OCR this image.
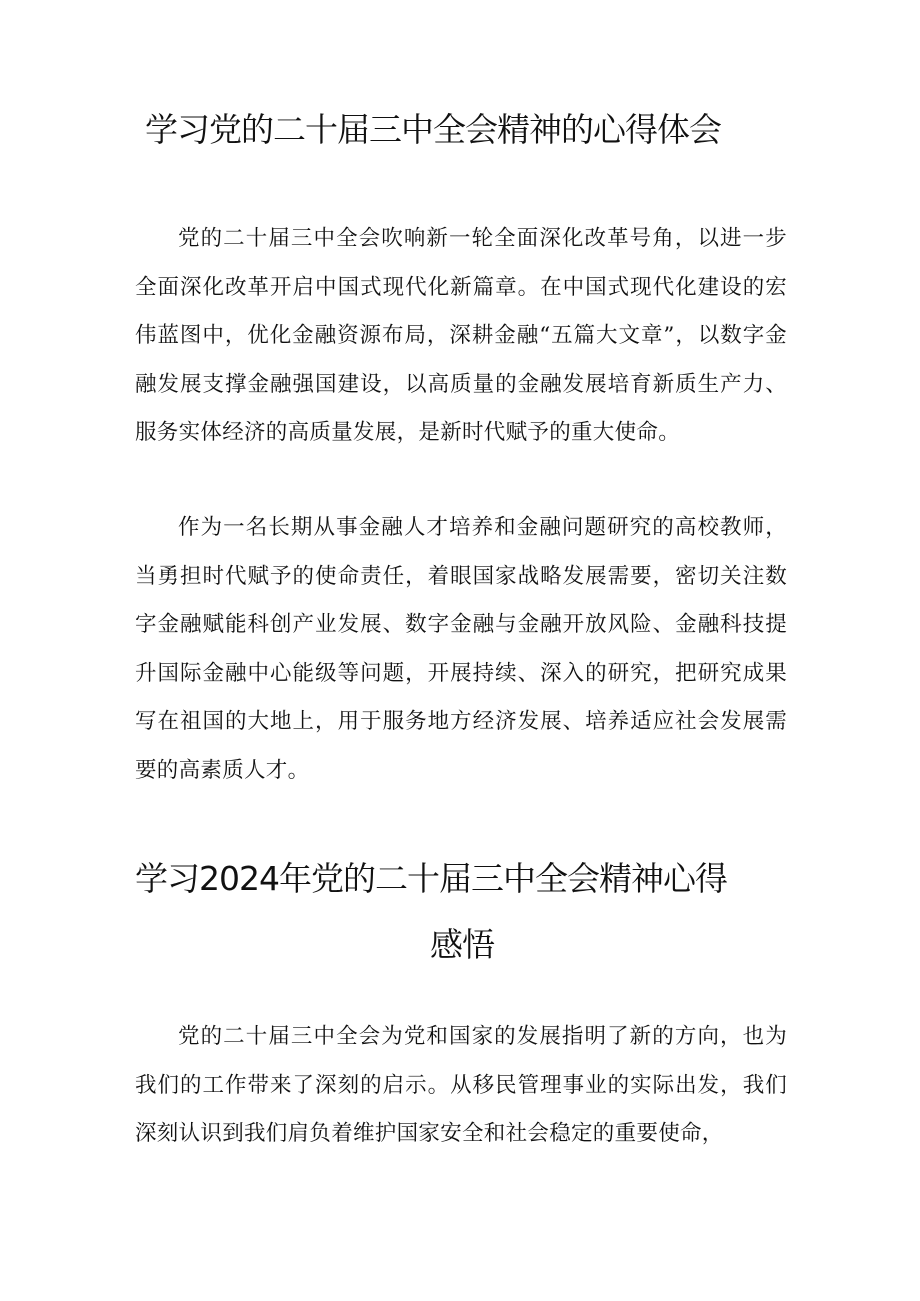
学习党的二十届三中全会精神的心得体会

党的二十届三中全会吹响新一轮全面深化改革号角，以进一步全面深化改革开启中国式现代化新篇章。在中国式现代化建设的宏伟蓝图中，优化金融资源布局，深耕金融“五篇大文章”，以数字金融发展支撑金融强国建设，以高质量的金融发展培育新质生产力、服务实体经济的高质量发展，是新时代赋予的重大使命。

作为一名长期从事金融人才培养和金融问题研究的高校教师，当勇担时代赋予的使命责任，着眼国家战略发展需要，密切关注数字金融赋能科创产业发展、数字金融与金融开放风险、金融科技提升国际金融中心能级等问题，开展持续、深入的研究，把研究成果写在祖国的大地上，用于服务地方经济发展、培养适应社会发展需要的高素质人才。

学习2024年党的二十届三中全会精神心得
感悟

党的二十届三中全会为党和国家的发展指明了新的方向，也为我们的工作带来了深刻的启示。从移民管理事业的实际出发，我们深刻认识到我们肩负着维护国家安全和社会稳定的重要使命，
